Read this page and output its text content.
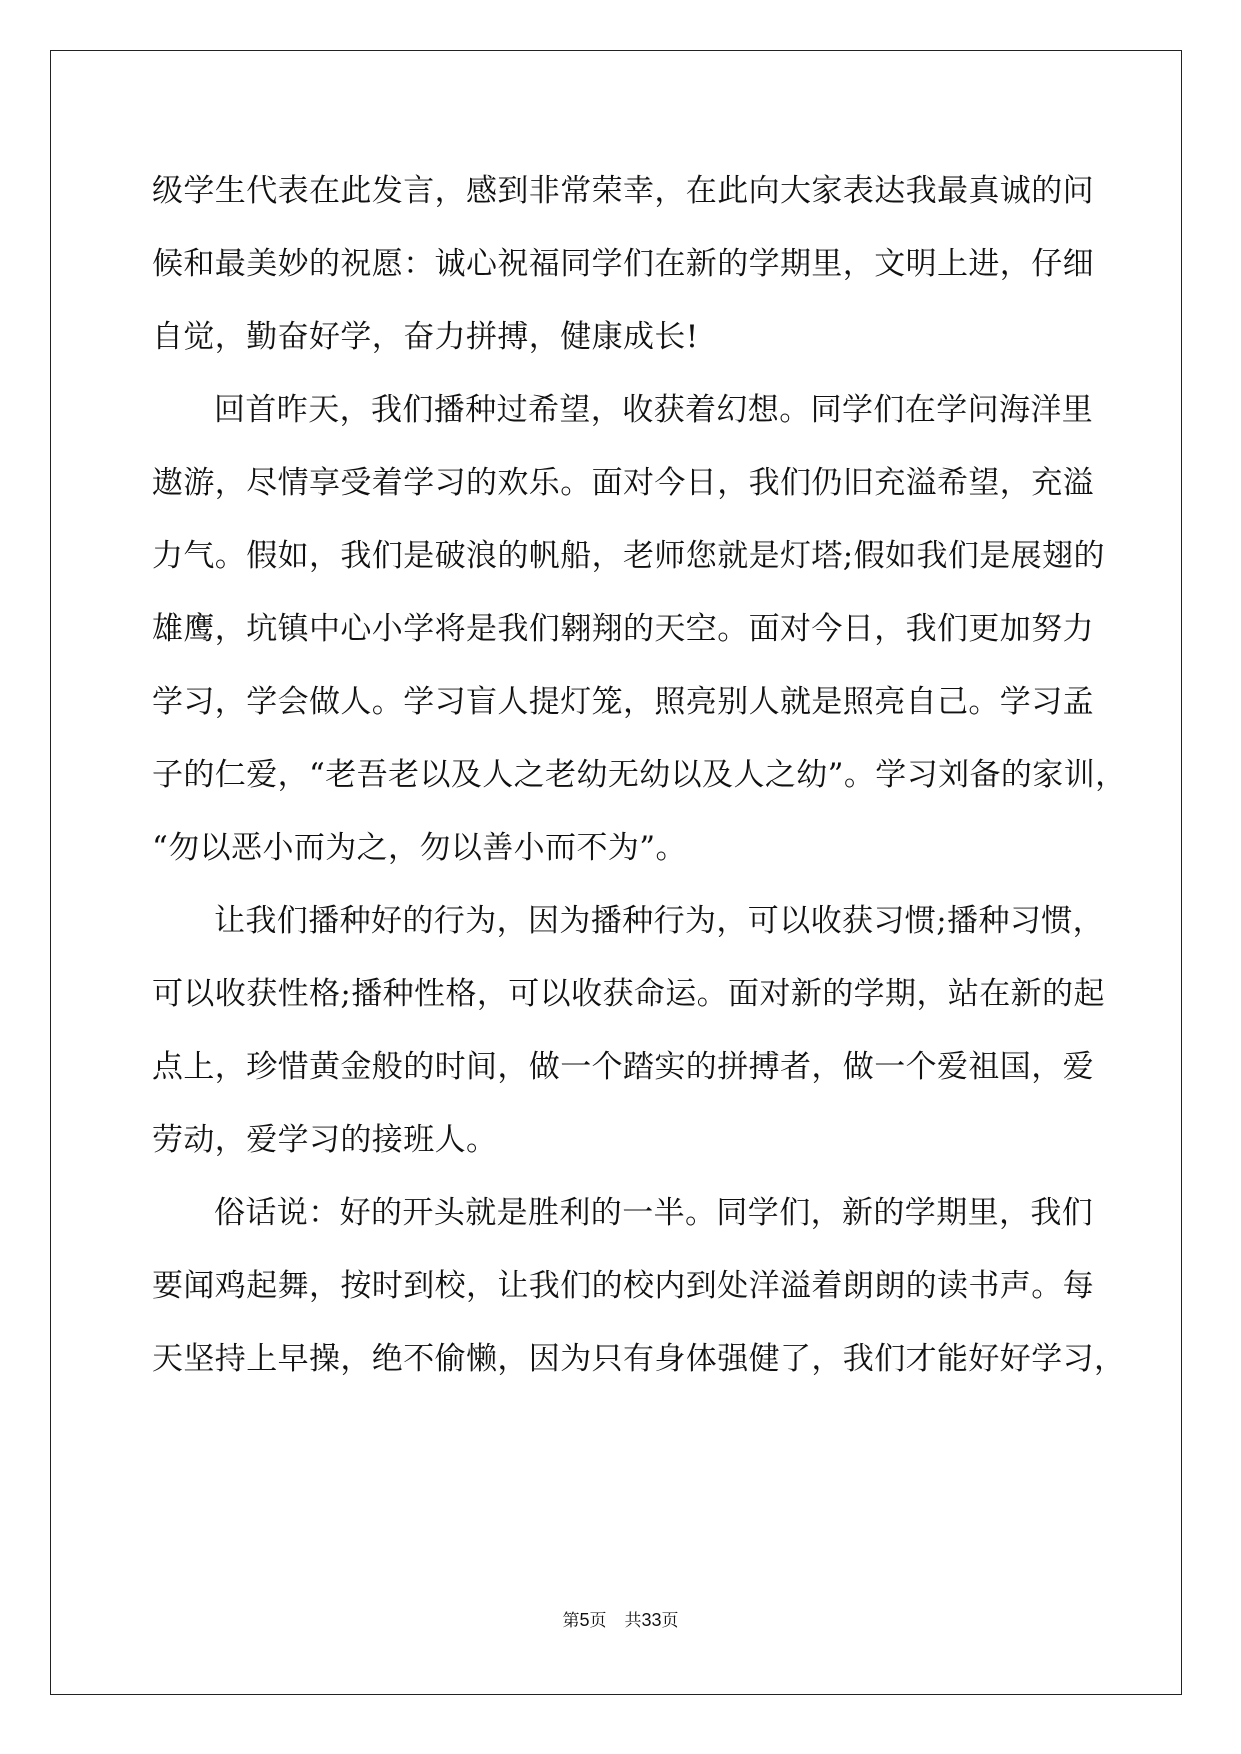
级学生代表在此发言，感到非常荣幸，在此向大家表达我最真诚的问
候和最美妙的祝愿：诚心祝福同学们在新的学期里，文明上进，仔细
自觉，勤奋好学，奋力拼搏，健康成长!
回首昨天，我们播种过希望，收获着幻想。同学们在学问海洋里
遨游，尽情享受着学习的欢乐。面对今日，我们仍旧充溢希望，充溢
力气。假如，我们是破浪的帆船，老师您就是灯塔;假如我们是展翅的
雄鹰，坑镇中心小学将是我们翱翔的天空。面对今日，我们更加努力
学习，学会做人。学习盲人提灯笼，照亮别人就是照亮自己。学习孟
子的仁爱，“老吾老以及人之老幼无幼以及人之幼”。学习刘备的家训，
“勿以恶小而为之，勿以善小而不为”。
让我们播种好的行为，因为播种行为，可以收获习惯;播种习惯，
可以收获性格;播种性格，可以收获命运。面对新的学期，站在新的起
点上，珍惜黄金般的时间，做一个踏实的拼搏者，做一个爱祖国，爱
劳动，爱学习的接班人。
俗话说：好的开头就是胜利的一半。同学们，新的学期里，我们
要闻鸡起舞，按时到校，让我们的校内到处洋溢着朗朗的读书声。每
天坚持上早操，绝不偷懒，因为只有身体强健了，我们才能好好学习，
第5页 共33页
